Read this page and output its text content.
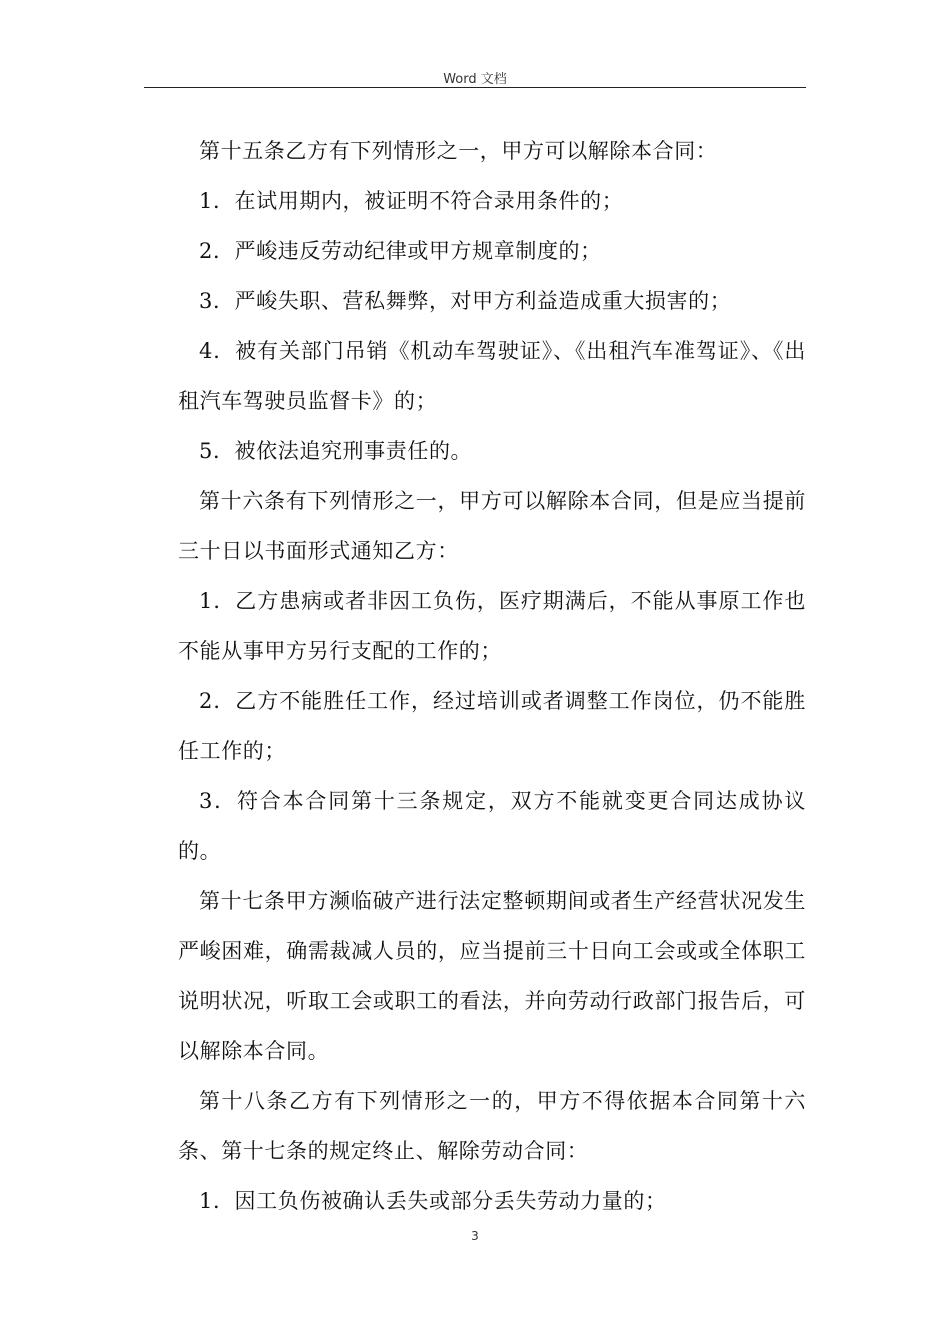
Word 文档

第十五条乙方有下列情形之一，甲方可以解除本合同：

1．在试用期内，被证明不符合录用条件的；

2．严峻违反劳动纪律或甲方规章制度的；

3．严峻失职、营私舞弊，对甲方利益造成重大损害的；

4．被有关部门吊销《机动车驾驶证》、《出租汽车准驾证》、《出租汽车驾驶员监督卡》的；

5．被依法追究刑事责任的。

第十六条有下列情形之一，甲方可以解除本合同，但是应当提前三十日以书面形式通知乙方：

1．乙方患病或者非因工负伤，医疗期满后，不能从事原工作也不能从事甲方另行支配的工作的；

2．乙方不能胜任工作，经过培训或者调整工作岗位，仍不能胜任工作的；

3．符合本合同第十三条规定，双方不能就变更合同达成协议的。

第十七条甲方濒临破产进行法定整顿期间或者生产经营状况发生严峻困难，确需裁减人员的，应当提前三十日向工会或或全体职工说明状况，听取工会或职工的看法，并向劳动行政部门报告后，可以解除本合同。

第十八条乙方有下列情形之一的，甲方不得依据本合同第十六条、第十七条的规定终止、解除劳动合同：

1．因工负伤被确认丢失或部分丢失劳动力量的；

3
